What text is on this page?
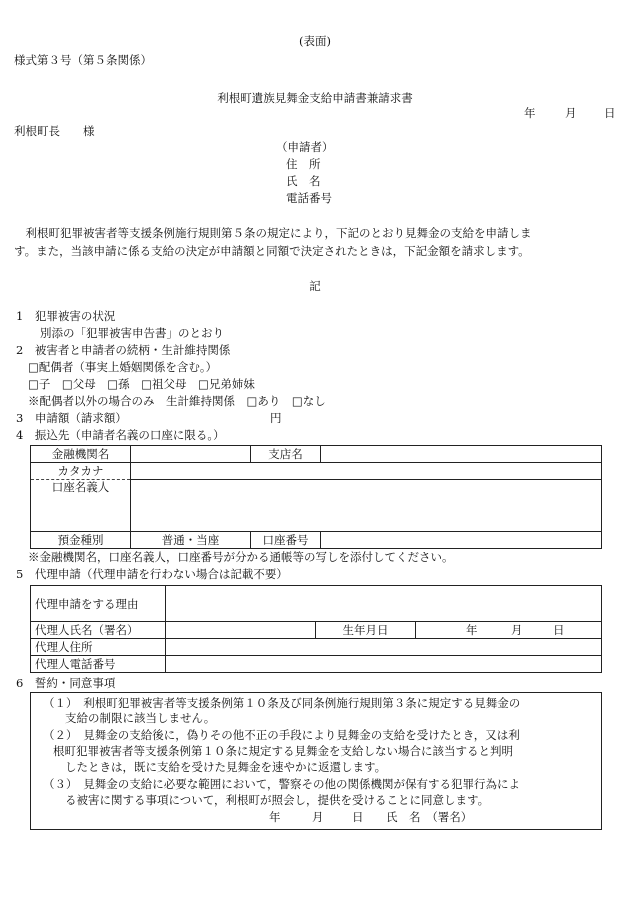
(表面)
様式第３号（第５条関係）
利根町遺族見舞金支給申請書兼請求書
年	月 日
利根町長　　様
（申請者）
住　所
氏　名
電話番号
　利根町犯罪被害者等支援条例施行規則第５条の規定により，下記のとおり見舞金の支給を申請しま
す。また，当該申請に係る支給の決定が申請額と同額で決定されたときは，下記金額を請求します。
記
1　犯罪被害の状況
別添の「犯罪被害申告書」のとおり
2　被害者と申請者の続柄・生計維持関係
□配偶者（事実上婚姻関係を含む。）
□子　□父母　□孫　□祖父母　□兄弟姉妹
※配偶者以外の場合のみ　生計維持関係　□あり　□なし
3　申請額（請求額）	円
4　振込先（申請者名義の口座に限る。）
金融機関名		支店名	
カタカナ			
口座名義人			
預金種別	普通・当座	口座番号	
※金融機関名，口座名義人，口座番号が分かる通帳等の写しを添付してください。
5　代理申請（代理申請を行わない場合は記載不要）
代理申請をする理由			
代理人氏名（署名）		生年月日	年 月 日

代理人住所			
代理人電話番号			
6　誓約・同意事項
（１）　利根町犯罪被害者等支援条例第１０条及び同条例施行規則第３条に規定する見舞金の
支給の制限に該当しません。
（２）　見舞金の支給後に，偽りその他不正の手段により見舞金の支給を受けたとき，又は利
根町犯罪被害者等支援条例第１０条に規定する見舞金を支給しない場合に該当すると判明
したときは，既に支給を受けた見舞金を速やかに返還します。
（３）　見舞金の支給に必要な範囲において，警察その他の関係機関が保有する犯罪行為によ
る被害に関する事項について，利根町が照会し，提供を受けることに同意します。
年	月 日 氏　名　（署名）
